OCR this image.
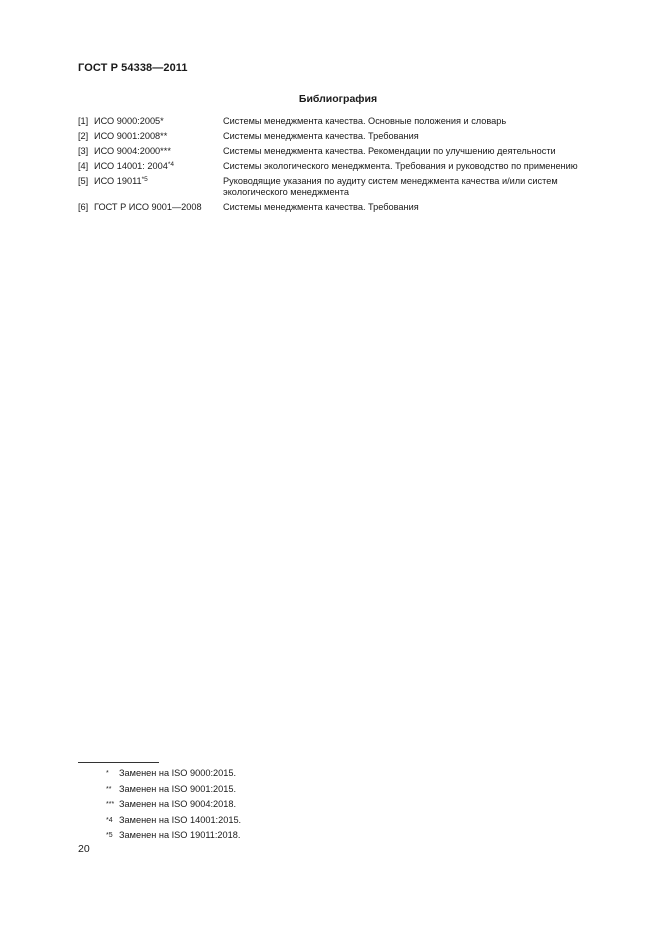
ГОСТ Р 54338—2011
Библиография
[1] ИСО 9000:2005*	Системы менеджмента качества. Основные положения и словарь
[2] ИСО 9001:2008**	Системы менеджмента качества. Требования
[3] ИСО 9004:2000***	Системы менеджмента качества. Рекомендации по улучшению деятельности
[4] ИСО 14001: 2004$^{*4}$	Системы экологического менеджмента. Требования и руководство по применению
[5] ИСО 19011$^{*5}$	Руководящие указания по аудиту систем менеджмента качества и/или систем экологического менеджмента
[6] ГОСТ Р ИСО 9001—2008	Системы менеджмента качества. Требования
*	Заменен на ISO 9000:2015.
** Заменен на ISO 9001:2015.
*** Заменен на ISO 9004:2018.
*4 Заменен на ISO 14001:2015.
*5 Заменен на ISO 19011:2018.
20
